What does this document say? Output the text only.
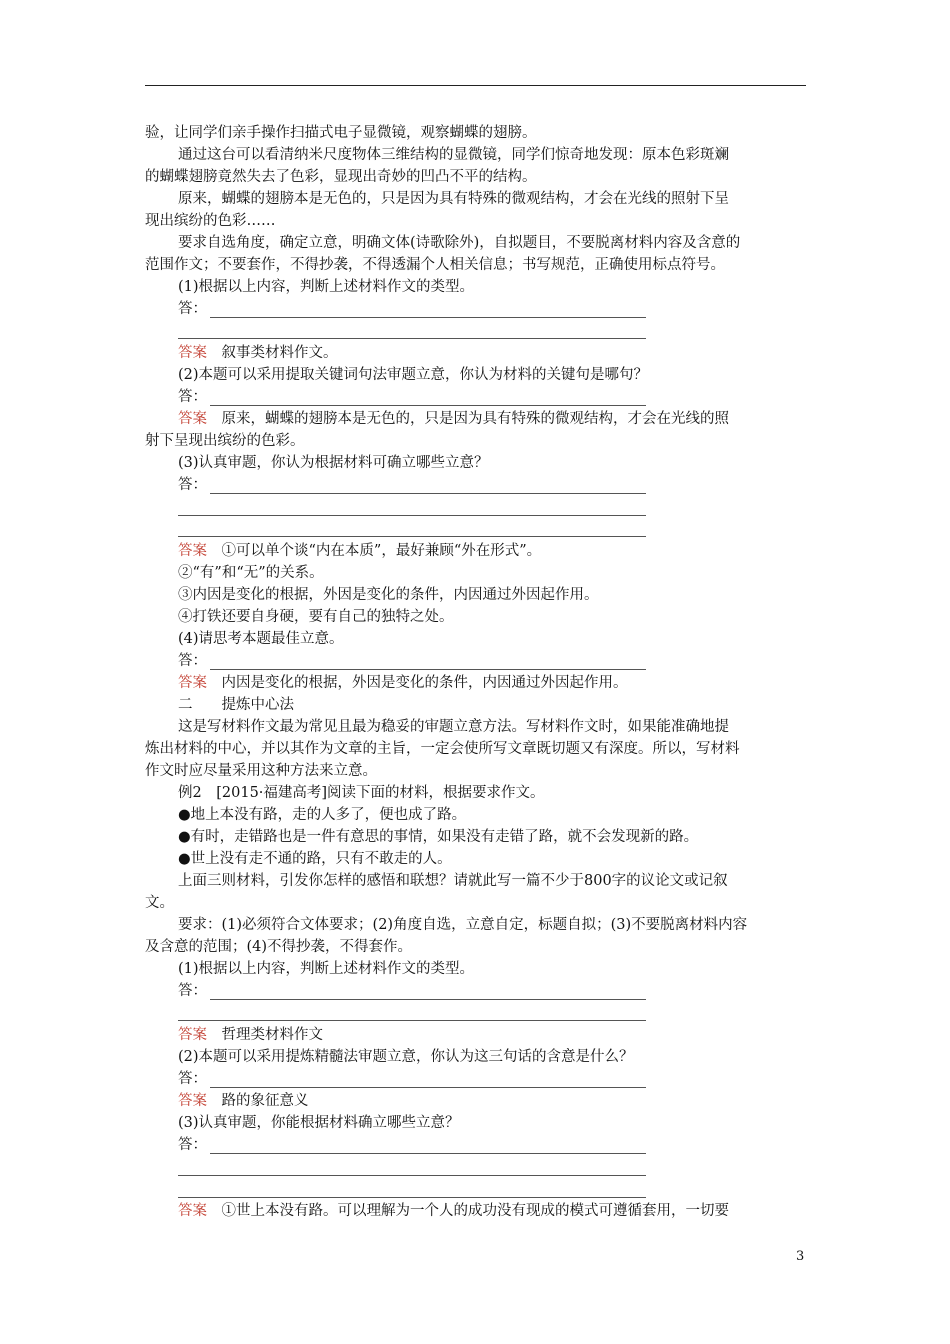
验，让同学们亲手操作扫描式电子显微镜，观察蝴蝶的翅膀。
通过这台可以看清纳米尺度物体三维结构的显微镜，同学们惊奇地发现：原本色彩斑斓
的蝴蝶翅膀竟然失去了色彩，显现出奇妙的凹凸不平的结构。
原来，蝴蝶的翅膀本是无色的，只是因为具有特殊的微观结构，才会在光线的照射下呈
现出缤纷的色彩……
要求自选角度，确定立意，明确文体(诗歌除外)，自拟题目，不要脱离材料内容及含意的
范围作文；不要套作，不得抄袭，不得透漏个人相关信息；书写规范，正确使用标点符号。
(1)根据以上内容，判断上述材料作文的类型。
答：
答案　 叙事类材料作文。
(2)本题可以采用提取关键词句法审题立意，你认为材料的关键句是哪句？
答：
答案　 原来，蝴蝶的翅膀本是无色的，只是因为具有特殊的微观结构，才会在光线的照
射下呈现出缤纷的色彩。
(3)认真审题，你认为根据材料可确立哪些立意？
答：
答案　 ①可以单个谈“内在本质”，最好兼顾“外在形式”。
②“有”和“无”的关系。
③内因是变化的根据，外因是变化的条件，内因通过外因起作用。
④打铁还要自身硬，要有自己的独特之处。
(4)请思考本题最佳立意。
答：
答案　 内因是变化的根据，外因是变化的条件，内因通过外因起作用。
二　　 提炼中心法
这是写材料作文最为常见且最为稳妥的审题立意方法。写材料作文时，如果能准确地提
炼出材料的中心，并以其作为文章的主旨，一定会使所写文章既切题又有深度。所以，写材料
作文时应尽量采用这种方法来立意。
例2　 [2015·福建高考]阅读下面的材料，根据要求作文。
●地上本没有路，走的人多了，便也成了路。
●有时，走错路也是一件有意思的事情，如果没有走错了路，就不会发现新的路。
●世上没有走不通的路，只有不敢走的人。
上面三则材料，引发你怎样的感悟和联想？请就此写一篇不少于800字的议论文或记叙
文。
要求：(1)必须符合文体要求；(2)角度自选，立意自定，标题自拟；(3)不要脱离材料内容
及含意的范围；(4)不得抄袭，不得套作。
(1)根据以上内容，判断上述材料作文的类型。
答：
答案　 哲理类材料作文
(2)本题可以采用提炼精髓法审题立意，你认为这三句话的含意是什么？
答：
答案　 路的象征意义
(3)认真审题，你能根据材料确立哪些立意？
答：
答案　 ①世上本没有路。可以理解为一个人的成功没有现成的模式可遵循套用，一切要
3
